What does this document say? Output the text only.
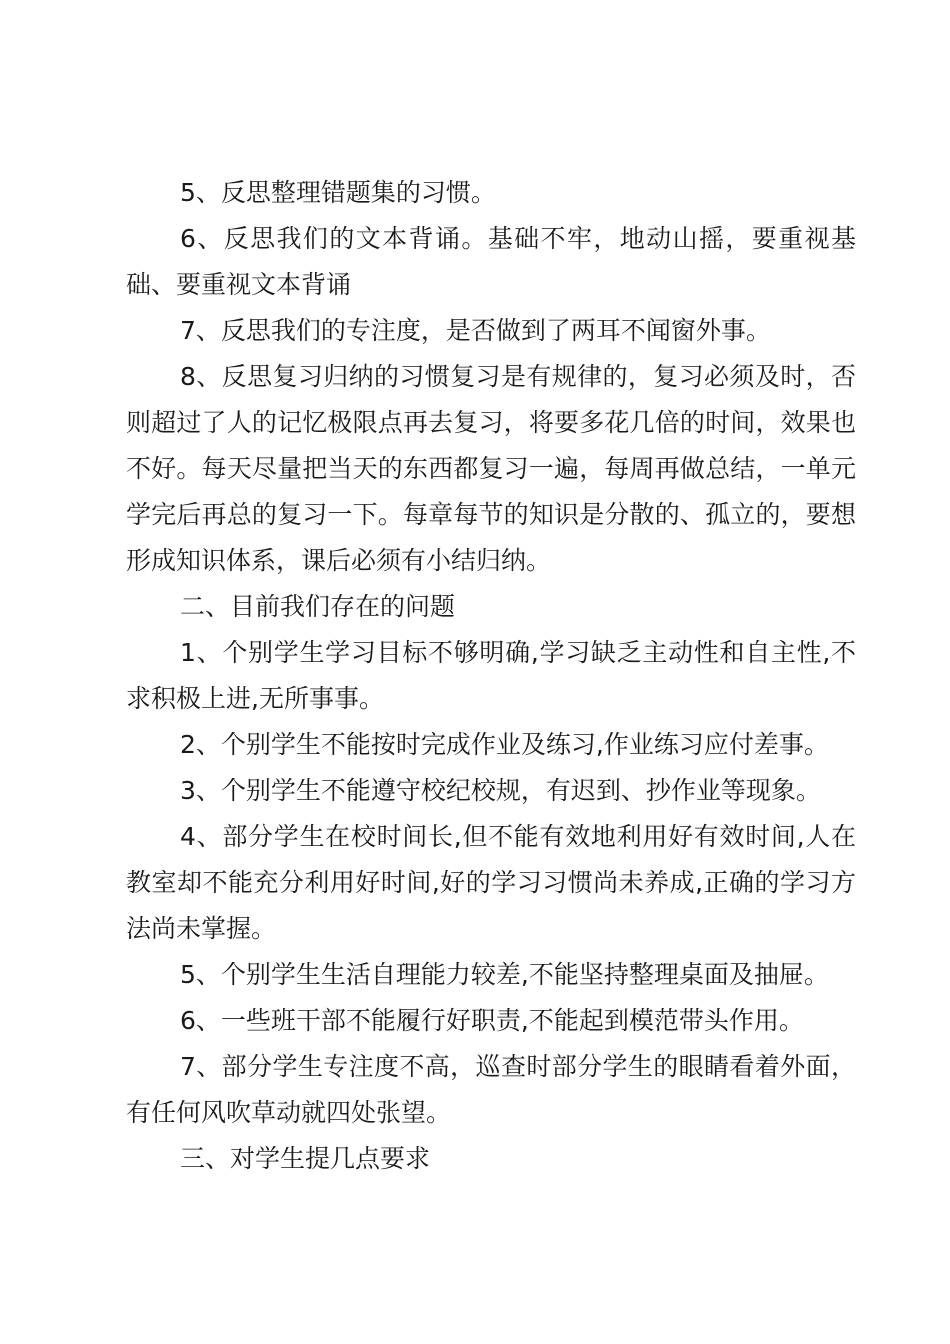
5、反思整理错题集的习惯。

6、反思我们的文本背诵。基础不牢，地动山摇，要重视基础、要重视文本背诵

7、反思我们的专注度，是否做到了两耳不闻窗外事。

8、反思复习归纳的习惯复习是有规律的，复习必须及时，否则超过了人的记忆极限点再去复习，将要多花几倍的时间，效果也不好。每天尽量把当天的东西都复习一遍，每周再做总结，一单元学完后再总的复习一下。每章每节的知识是分散的、孤立的，要想形成知识体系，课后必须有小结归纳。

二、目前我们存在的问题

1、个别学生学习目标不够明确,学习缺乏主动性和自主性,不求积极上进,无所事事。

2、个别学生不能按时完成作业及练习,作业练习应付差事。

3、个别学生不能遵守校纪校规，有迟到、抄作业等现象。

4、部分学生在校时间长,但不能有效地利用好有效时间,人在教室却不能充分利用好时间,好的学习习惯尚未养成,正确的学习方法尚未掌握。

5、个别学生生活自理能力较差,不能坚持整理桌面及抽屉。

6、一些班干部不能履行好职责,不能起到模范带头作用。

7、部分学生专注度不高，巡查时部分学生的眼睛看着外面，有任何风吹草动就四处张望。

三、对学生提几点要求
